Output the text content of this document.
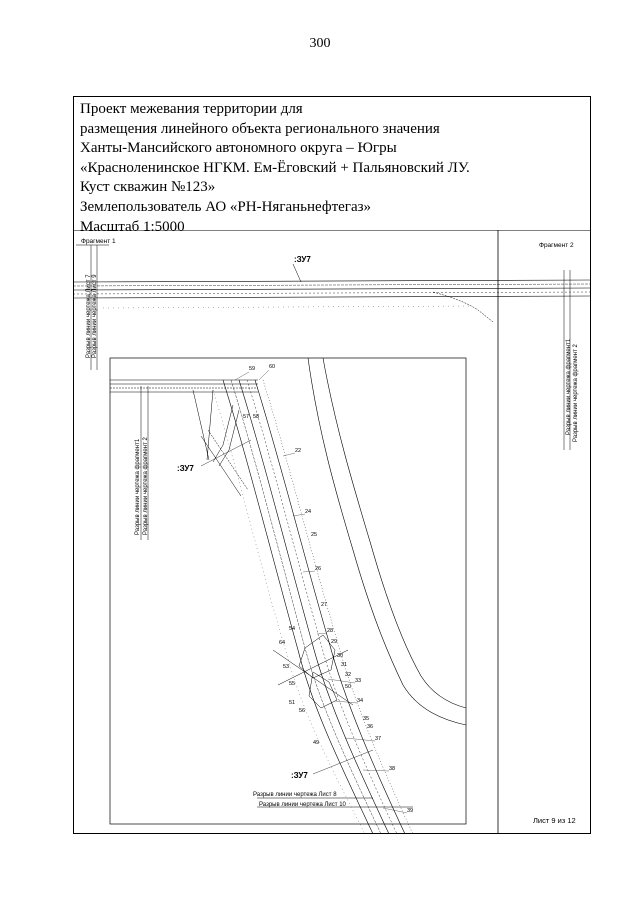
300
Проект межевания территории для
размещения линейного объекта регионального значения
Ханты-Мансийского автономного округа – Югры
«Красноленинское НГКМ. Ем-Ёговский + Пальяновский ЛУ.
Куст скважин №123»
Землепользователь АО «РН-Няганьнефтегаз»
Масштаб 1:5000
Фрагмент 1
Фрагмент 2
:ЗУ7
Разрыв линии чертежа Лист 7 Разрыв линии чертежа Лист 9
Разрыв линии чертежа фрагмент1 Разрыв линии чертежа фрагмент 2
Разрыв линии чертежа фрагмент1 Разрыв линии чертежа фрагмент 2	:ЗУ7
:ЗУ7
59	60
57 58
22
24
25
26
27
28
29
30
31
32
33
34
35
36
37
38
39
53
54
55
56
51
49
64
50
Разрыв линии чертежа Лист 8
Разрыв линии чертежа Лист 10
Лист 9 из 12
